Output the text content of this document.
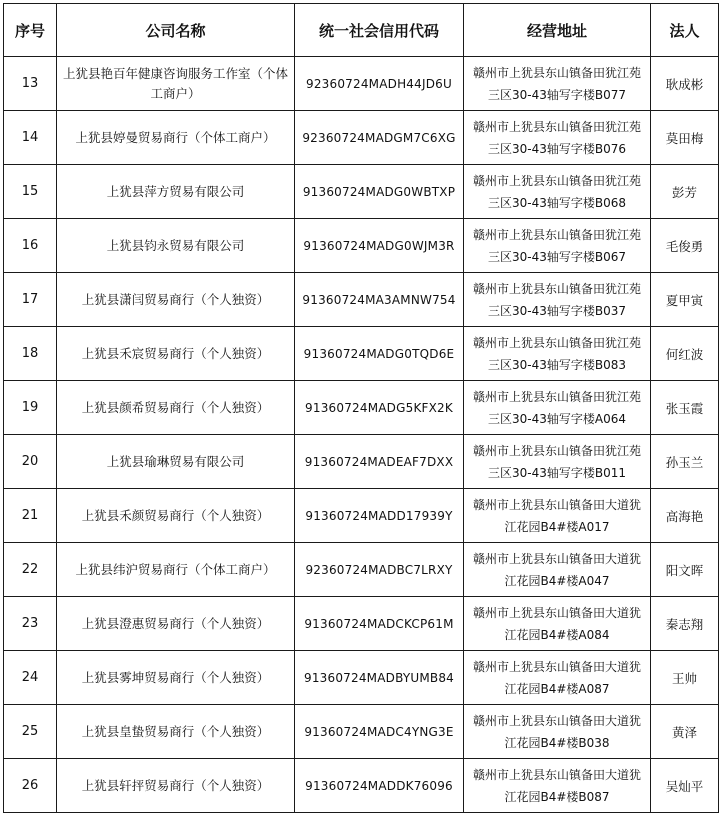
序号	公司名称	统一社会信用代码	经营地址	法人
13	上犹县艳百年健康咨询服务工作室（个体工商户）	92360724MADH44JD6U	赣州市上犹县东山镇备田犹江苑三区30-43轴写字楼B077	耿成彬
14	上犹县婷曼贸易商行（个体工商户）	92360724MADGM7C6XG	赣州市上犹县东山镇备田犹江苑三区30-43轴写字楼B076	莫田梅
15	上犹县萍方贸易有限公司	91360724MADG0WBTXP	赣州市上犹县东山镇备田犹江苑三区30-43轴写字楼B068	彭芳
16	上犹县钧永贸易有限公司	91360724MADG0WJM3R	赣州市上犹县东山镇备田犹江苑三区30-43轴写字楼B067	毛俊勇
17	上犹县潇闫贸易商行（个人独资）	91360724MA3AMNW754	赣州市上犹县东山镇备田犹江苑三区30-43轴写字楼B037	夏甲寅
18	上犹县禾宸贸易商行（个人独资）	91360724MADG0TQD6E	赣州市上犹县东山镇备田犹江苑三区30-43轴写字楼B083	何红波
19	上犹县颜希贸易商行（个人独资）	91360724MADG5KFX2K	赣州市上犹县东山镇备田犹江苑三区30-43轴写字楼A064	张玉霞
20	上犹县瑜琳贸易有限公司	91360724MADEAF7DXX	赣州市上犹县东山镇备田犹江苑三区30-43轴写字楼B011	孙玉兰
21	上犹县禾颜贸易商行（个人独资）	91360724MADD17939Y	赣州市上犹县东山镇备田大道犹江花园B4#楼A017	高海艳
22	上犹县纬沪贸易商行（个体工商户）	92360724MADBC7LRXY	赣州市上犹县东山镇备田大道犹江花园B4#楼A047	阳文晖
23	上犹县澄惠贸易商行（个人独资）	91360724MADCKCP61M	赣州市上犹县东山镇备田大道犹江花园B4#楼A084	秦志翔
24	上犹县雾坤贸易商行（个人独资）	91360724MADBYUMB84	赣州市上犹县东山镇备田大道犹江花园B4#楼A087	王帅
25	上犹县皇蛰贸易商行（个人独资）	91360724MADC4YNG3E	赣州市上犹县东山镇备田大道犹江花园B4#楼B038	黄泽
26	上犹县轩抨贸易商行（个人独资）	91360724MADDK76096	赣州市上犹县东山镇备田大道犹江花园B4#楼B087	吴灿平
